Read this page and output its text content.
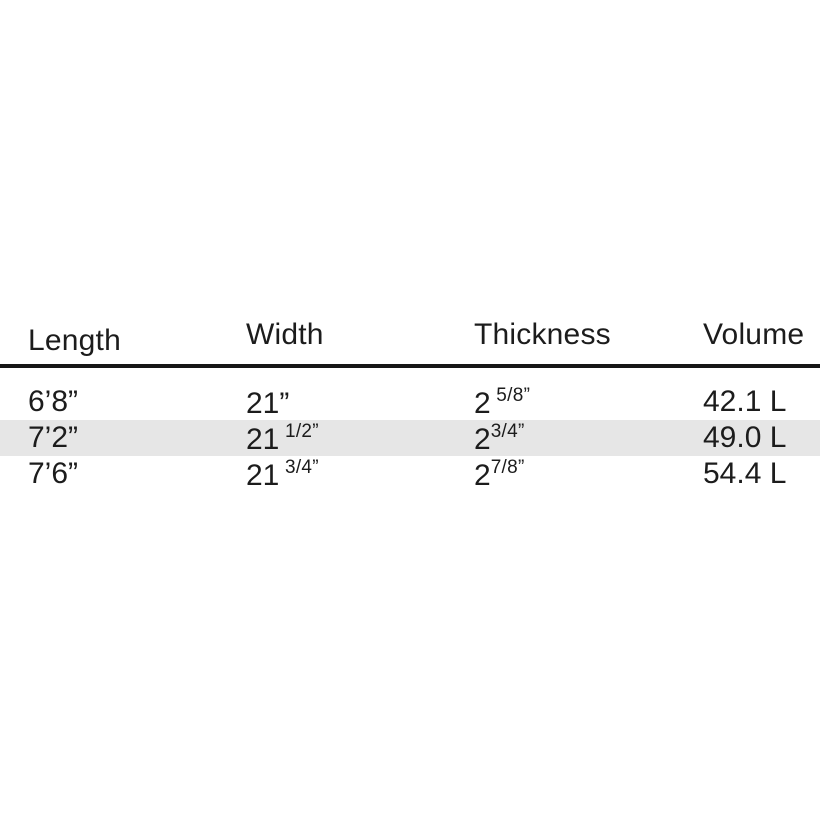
Length	Width	Thickness	Volume
6’8”	21”	2 $^{5/8”}$	42.1 L
7’2”	21 $^{1/2”}$	$2^{3/4”}$	49.0 L
7’6”	21 $^{3/4”}$	$2^{7/8”}$	54.4 L
